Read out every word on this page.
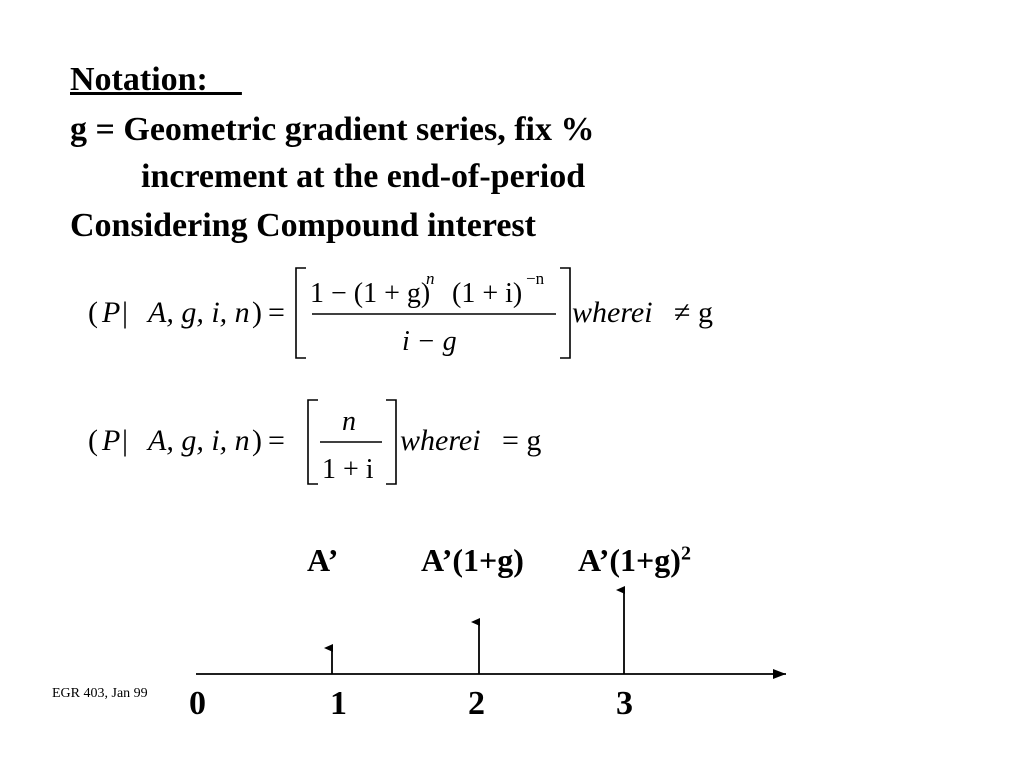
Notation:
g = Geometric gradient series, fix %
increment at the end-of-period
Considering Compound interest
( P | A, g, i, n ) =
1 − (1 + g)
n (1 + i) −n
i − g
wherei ≠ g
( P | A, g, i, n ) =
n
1 + i
wherei = g
A’	A’(1+g) $A’(1+g)^2$
0	1	2	3
EGR 403, Jan 99
